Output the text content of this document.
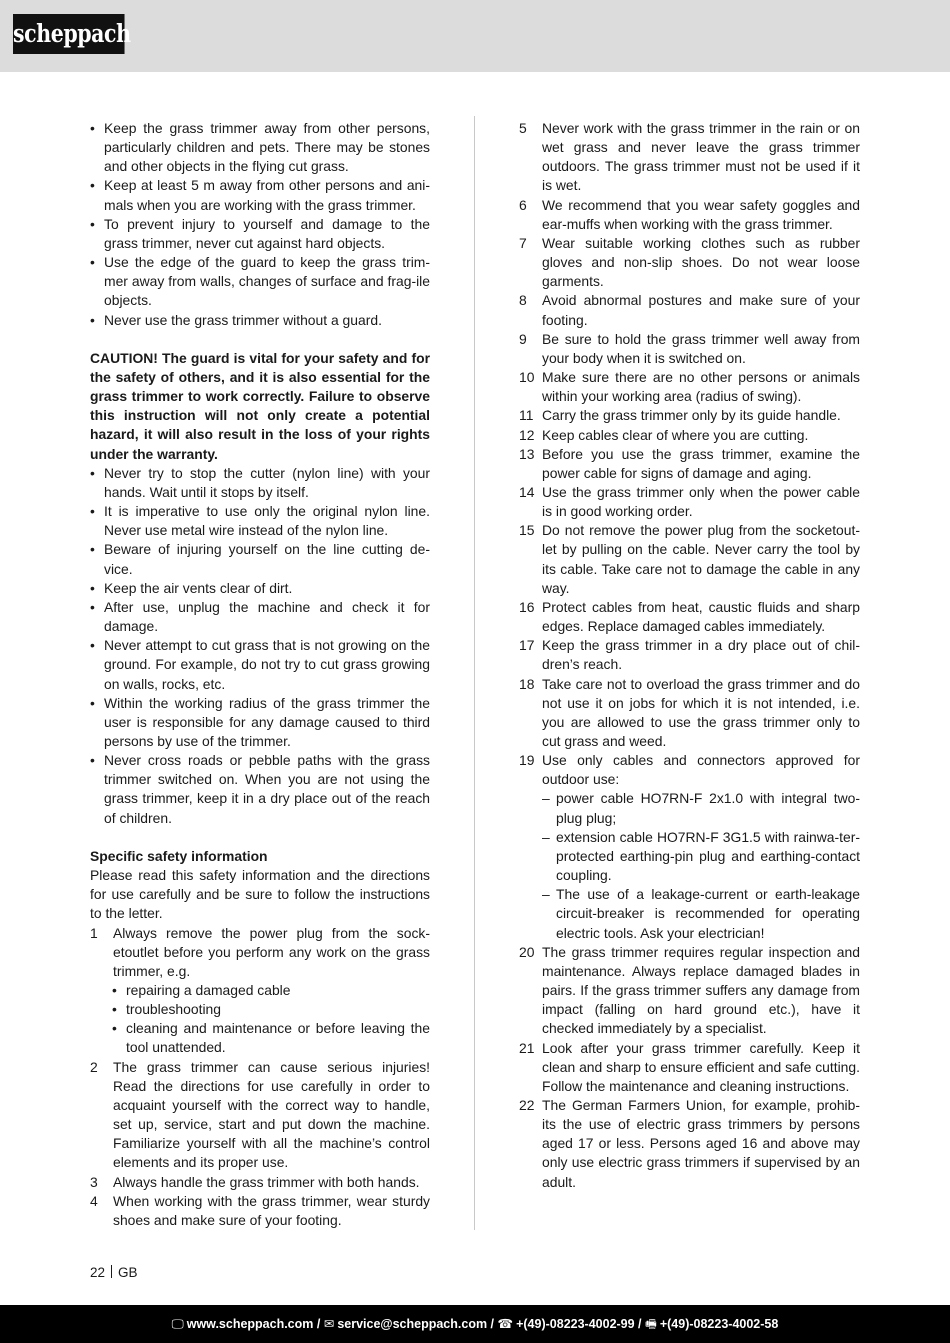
scheppach
• Keep the grass trimmer away from other persons, particularly children and pets. There may be stones and other objects in the flying cut grass.
• Keep at least 5 m away from other persons and ani-mals when you are working with the grass trimmer.
• To prevent injury to yourself and damage to the grass trimmer, never cut against hard objects.
• Use the edge of the guard to keep the grass trim-mer away from walls, changes of surface and frag-ile objects.
• Never use the grass trimmer without a guard.

CAUTION! The guard is vital for your safety and for the safety of others, and it is also essential for the grass trimmer to work correctly. Failure to observe this instruction will not only create a potential hazard, it will also result in the loss of your rights under the warranty.

• Never try to stop the cutter (nylon line) with your hands. Wait until it stops by itself.
• It is imperative to use only the original nylon line. Never use metal wire instead of the nylon line.
• Beware of injuring yourself on the line cutting de-vice.
• Keep the air vents clear of dirt.
• After use, unplug the machine and check it for damage.
• Never attempt to cut grass that is not growing on the ground. For example, do not try to cut grass growing on walls, rocks, etc.
• Within the working radius of the grass trimmer the user is responsible for any damage caused to third persons by use of the trimmer.
• Never cross roads or pebble paths with the grass trimmer switched on. When you are not using the grass trimmer, keep it in a dry place out of the reach of children.

Specific safety information

Please read this safety information and the directions for use carefully and be sure to follow the instructions to the letter.

1 Always remove the power plug from the sock-etoutlet before you perform any work on the grass trimmer, e.g.
• repairing a damaged cable
• troubleshooting
• cleaning and maintenance or before leaving the tool unattended.
2 The grass trimmer can cause serious injuries! Read the directions for use carefully in order to acquaint yourself with the correct way to handle, set up, service, start and put down the machine. Familiarize yourself with all the machine’s control elements and its proper use.
3 Always handle the grass trimmer with both hands.
4 When working with the grass trimmer, wear sturdy shoes and make sure of your footing.
5 Never work with the grass trimmer in the rain or on wet grass and never leave the grass trimmer outdoors. The grass trimmer must not be used if it is wet.
6 We recommend that you wear safety goggles and ear-muffs when working with the grass trimmer.
7 Wear suitable working clothes such as rubber gloves and non-slip shoes. Do not wear loose garments.
8 Avoid abnormal postures and make sure of your footing.
9 Be sure to hold the grass trimmer well away from your body when it is switched on.
10 Make sure there are no other persons or animals within your working area (radius of swing).
11 Carry the grass trimmer only by its guide handle.
12 Keep cables clear of where you are cutting.
13 Before you use the grass trimmer, examine the power cable for signs of damage and aging.
14 Use the grass trimmer only when the power cable is in good working order.
15 Do not remove the power plug from the socketout-let by pulling on the cable. Never carry the tool by its cable. Take care not to damage the cable in any way.
16 Protect cables from heat, caustic fluids and sharp edges. Replace damaged cables immediately.
17 Keep the grass trimmer in a dry place out of chil-dren’s reach.
18 Take care not to overload the grass trimmer and do not use it on jobs for which it is not intended, i.e. you are allowed to use the grass trimmer only to cut grass and weed.
19 Use only cables and connectors approved for outdoor use:
– power cable HO7RN-F 2x1.0 with integral two-plug plug;
– extension cable HO7RN-F 3G1.5 with rainwa-ter- protected earthing-pin plug and earthing-contact coupling.
– The use of a leakage-current or earth-leakage circuit-breaker is recommended for operating electric tools. Ask your electrician!
20 The grass trimmer requires regular inspection and maintenance. Always replace damaged blades in pairs. If the grass trimmer suffers any damage from impact (falling on hard ground etc.), have it checked immediately by a specialist.
21 Look after your grass trimmer carefully. Keep it clean and sharp to ensure efficient and safe cutting. Follow the maintenance and cleaning instructions.
22 The German Farmers Union, for example, prohib-its the use of electric grass trimmers by persons aged 17 or less. Persons aged 16 and above may only use electric grass trimmers if supervised by an adult.
22 GB
🖵 www.scheppach.com / ✉ service@scheppach.com / ☎ +(49)-08223-4002-99 / 🖷 +(49)-08223-4002-58
